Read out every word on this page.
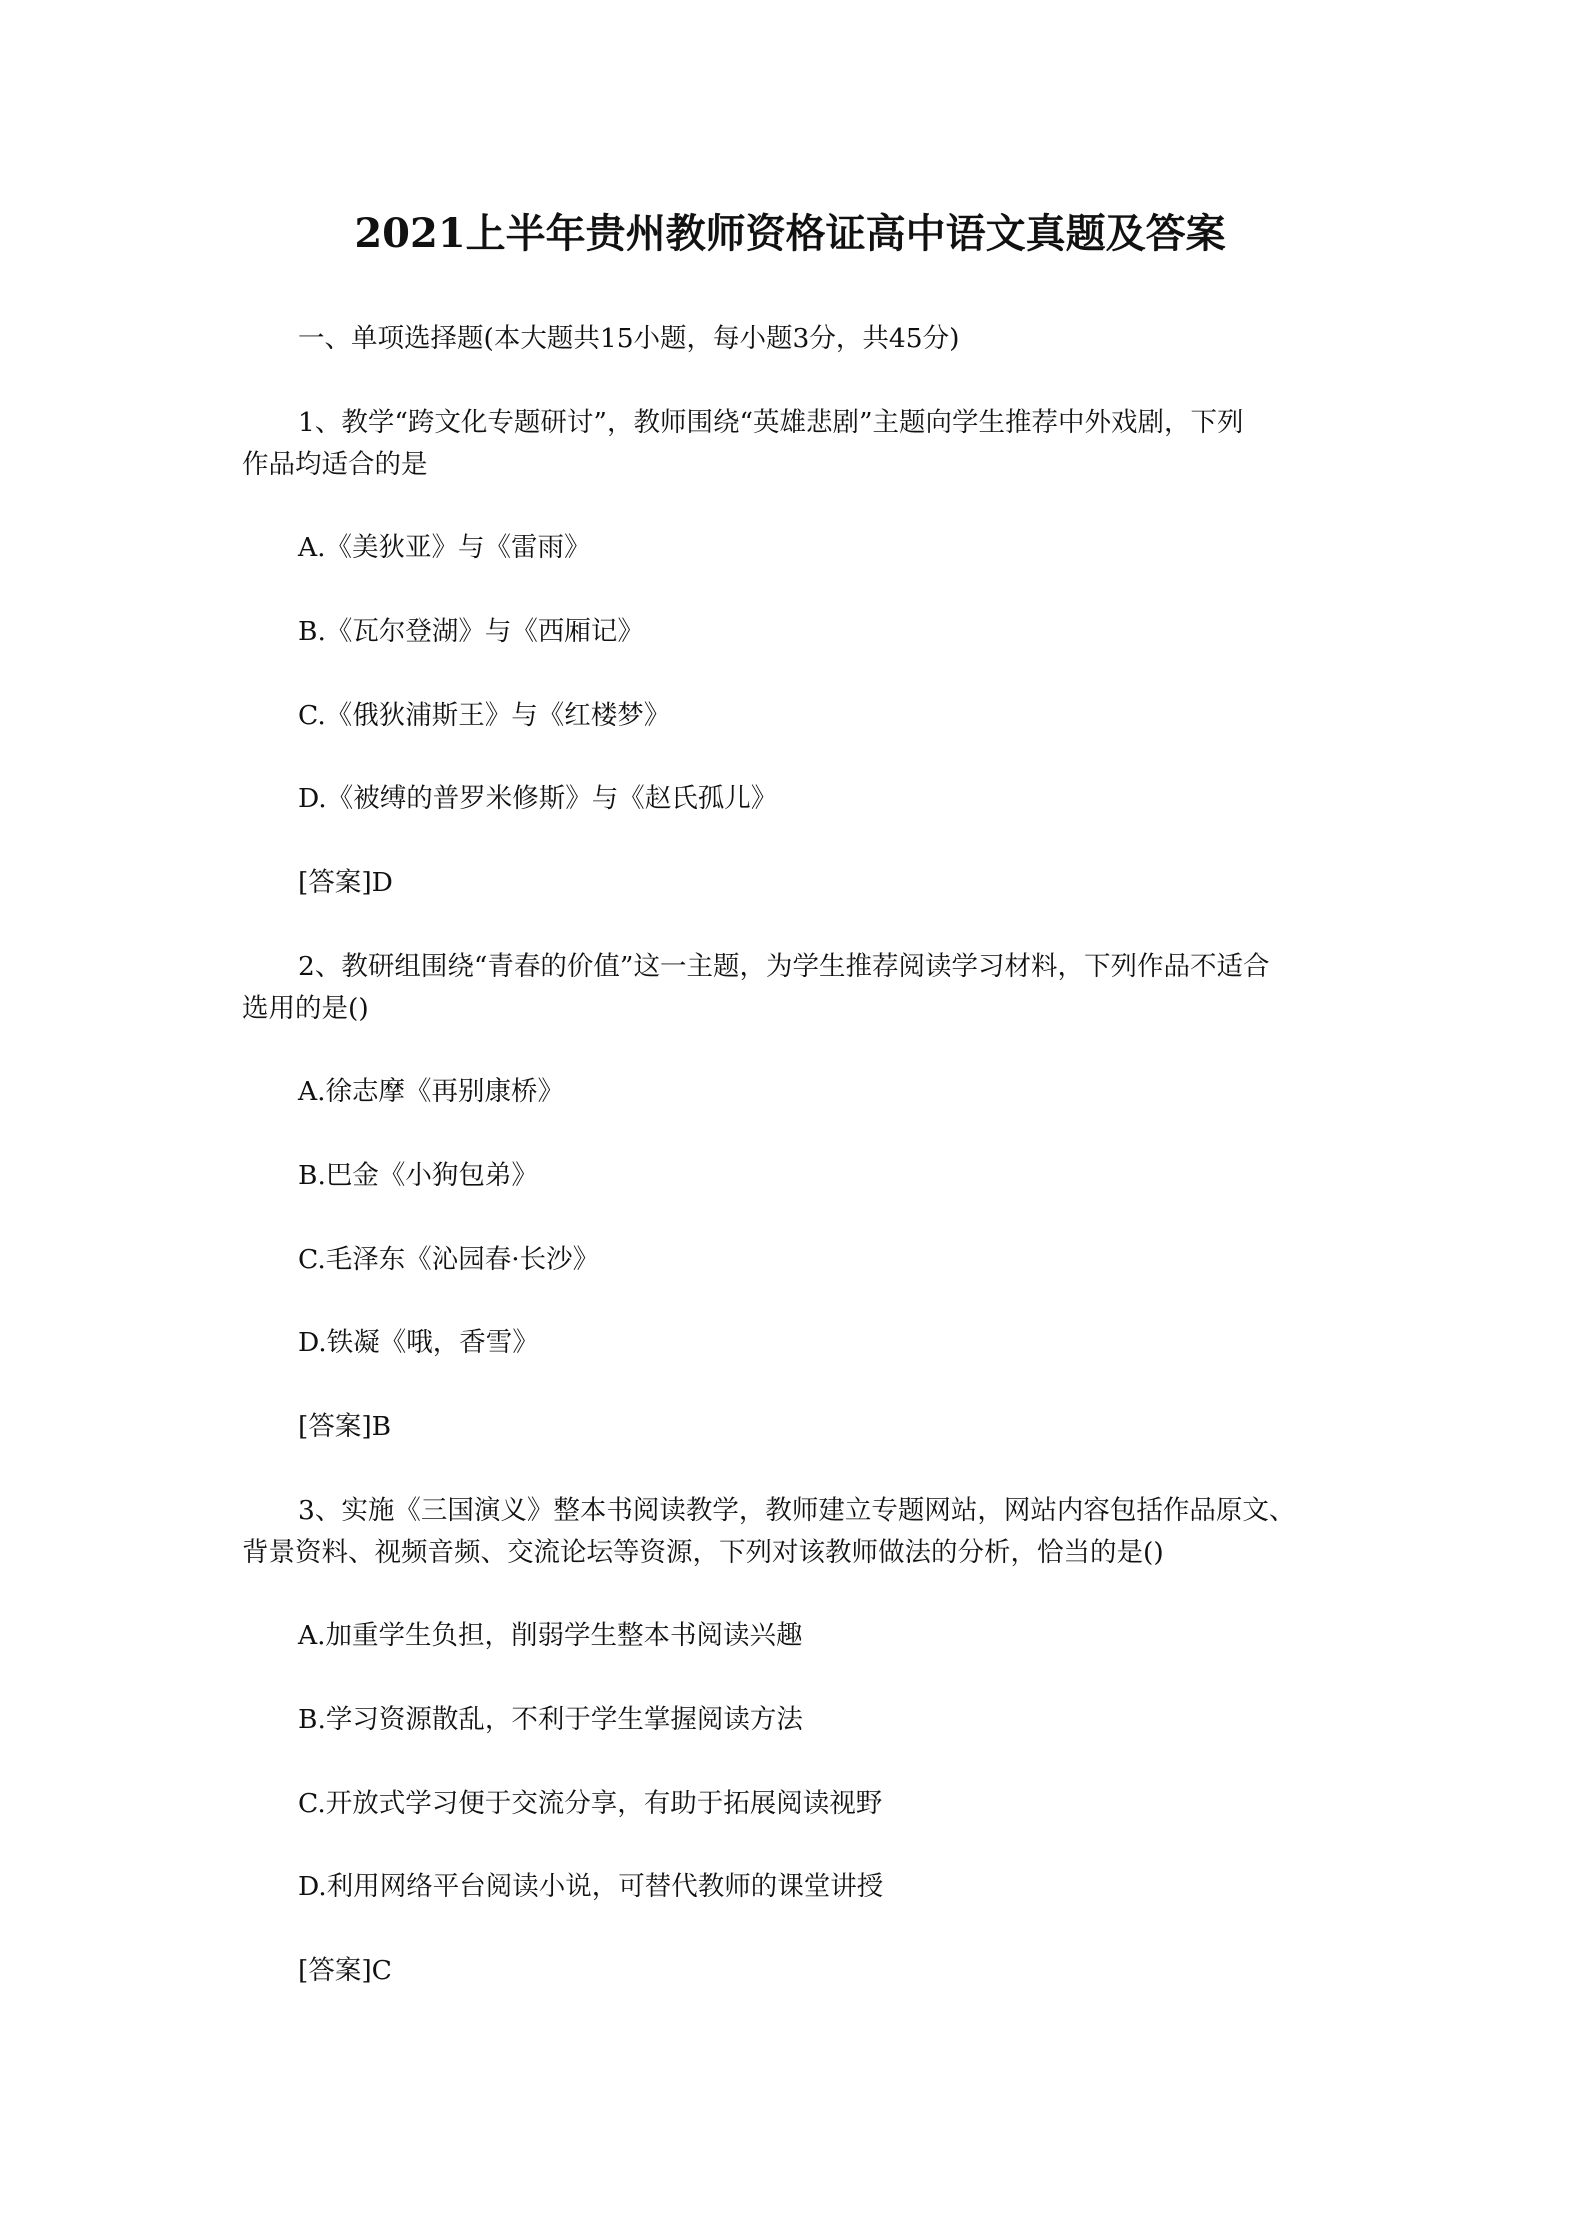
2021上半年贵州教师资格证高中语文真题及答案
一、单项选择题(本大题共15小题，每小题3分，共45分)
1、教学“跨文化专题研讨”，教师围绕“英雄悲剧”主题向学生推荐中外戏剧，下列
作品均适合的是
A.《美狄亚》与《雷雨》
B.《瓦尔登湖》与《西厢记》
C.《俄狄浦斯王》与《红楼梦》
D.《被缚的普罗米修斯》与《赵氏孤儿》
[答案]D
2、教研组围绕“青春的价值”这一主题，为学生推荐阅读学习材料，下列作品不适合
选用的是()
A.徐志摩《再别康桥》
B.巴金《小狗包弟》
C.毛泽东《沁园春·长沙》
D.铁凝《哦，香雪》
[答案]B
3、实施《三国演义》整本书阅读教学，教师建立专题网站，网站内容包括作品原文、
背景资料、视频音频、交流论坛等资源，下列对该教师做法的分析，恰当的是()
A.加重学生负担，削弱学生整本书阅读兴趣
B.学习资源散乱，不利于学生掌握阅读方法
C.开放式学习便于交流分享，有助于拓展阅读视野
D.利用网络平台阅读小说，可替代教师的课堂讲授
[答案]C
